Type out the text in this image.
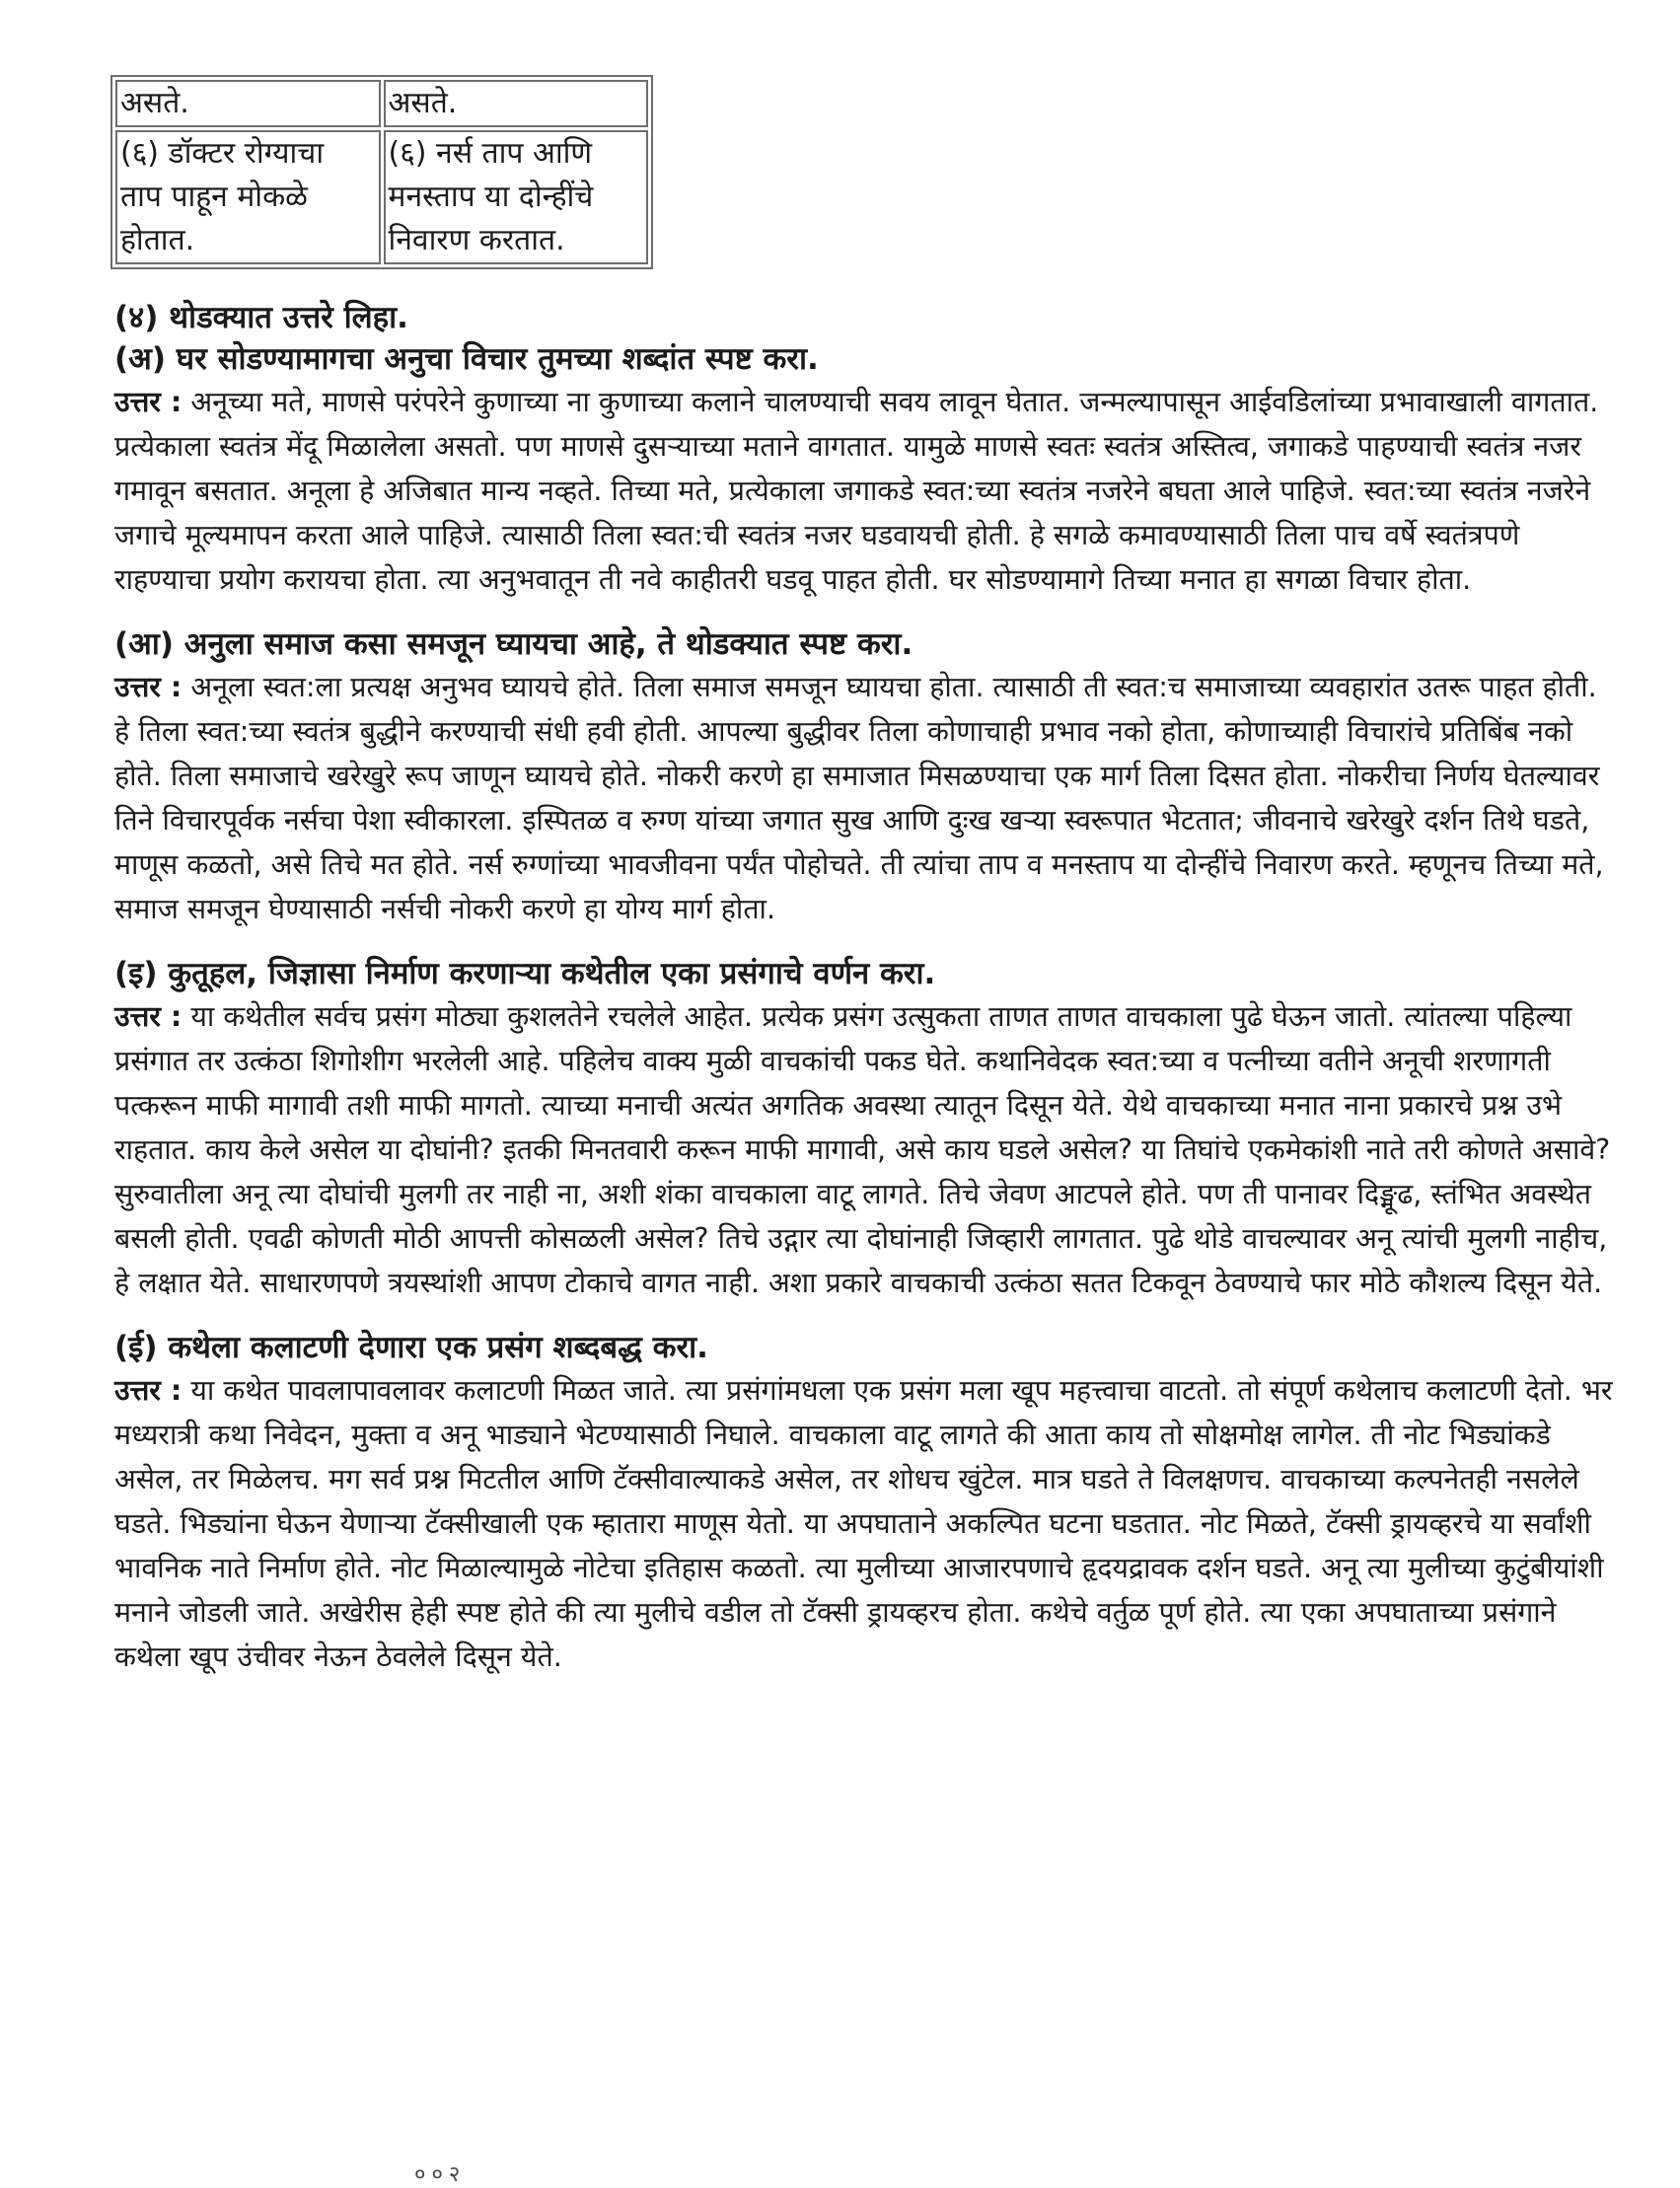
असते.	असते.
(६) डॉक्टर रोग्याचा ताप पाहून मोकळे होतात.	(६) नर्स ताप आणि मनस्ताप या दोन्हींचे निवारण करतात.
(४) थोडक्यात उत्तरे लिहा.
(अ) घर सोडण्यामागचा अनुचा विचार तुमच्या शब्दांत स्पष्ट करा.

उत्तर : अनूच्या मते, माणसे परंपरेने कुणाच्या ना कुणाच्या कलाने चालण्याची सवय लावून घेतात. जन्मल्यापासून आईवडिलांच्या प्रभावाखाली वागतात. प्रत्येकाला स्वतंत्र मेंदू मिळालेला असतो. पण माणसे दुसऱ्याच्या मताने वागतात. यामुळे माणसे स्वतः स्वतंत्र अस्तित्व, जगाकडे पाहण्याची स्वतंत्र नजर गमावून बसतात. अनूला हे अजिबात मान्य नव्हते. तिच्या मते, प्रत्येकाला जगाकडे स्वत:च्या स्वतंत्र नजरेने बघता आले पाहिजे. स्वत:च्या स्वतंत्र नजरेने जगाचे मूल्यमापन करता आले पाहिजे. त्यासाठी तिला स्वत:ची स्वतंत्र नजर घडवायची होती. हे सगळे कमावण्यासाठी तिला पाच वर्षे स्वतंत्रपणे राहण्याचा प्रयोग करायचा होता. त्या अनुभवातून ती नवे काहीतरी घडवू पाहत होती. घर सोडण्यामागे तिच्या मनात हा सगळा विचार होता.

(आ) अनुला समाज कसा समजून घ्यायचा आहे, ते थोडक्यात स्पष्ट करा.

उत्तर : अनूला स्वत:ला प्रत्यक्ष अनुभव घ्यायचे होते. तिला समाज समजून घ्यायचा होता. त्यासाठी ती स्वत:च समाजाच्या व्यवहारांत उतरू पाहत होती. हे तिला स्वत:च्या स्वतंत्र बुद्धीने करण्याची संधी हवी होती. आपल्या बुद्धीवर तिला कोणाचाही प्रभाव नको होता, कोणाच्याही विचारांचे प्रतिबिंब नको होते. तिला समाजाचे खरेखुरे रूप जाणून घ्यायचे होते. नोकरी करणे हा समाजात मिसळण्याचा एक मार्ग तिला दिसत होता. नोकरीचा निर्णय घेतल्यावर तिने विचारपूर्वक नर्सचा पेशा स्वीकारला. इस्पितळ व रुग्ण यांच्या जगात सुख आणि दुःख खऱ्या स्वरूपात भेटतात; जीवनाचे खरेखुरे दर्शन तिथे घडते, माणूस कळतो, असे तिचे मत होते. नर्स रुग्णांच्या भावजीवना पर्यंत पोहोचते. ती त्यांचा ताप व मनस्ताप या दोन्हींचे निवारण करते. म्हणूनच तिच्या मते, समाज समजून घेण्यासाठी नर्सची नोकरी करणे हा योग्य मार्ग होता.

(इ) कुतूहल, जिज्ञासा निर्माण करणाऱ्या कथेतील एका प्रसंगाचे वर्णन करा.

उत्तर : या कथेतील सर्वच प्रसंग मोठ्या कुशलतेने रचलेले आहेत. प्रत्येक प्रसंग उत्सुकता ताणत ताणत वाचकाला पुढे घेऊन जातो. त्यांतल्या पहिल्या प्रसंगात तर उत्कंठा शिगोशीग भरलेली आहे. पहिलेच वाक्य मुळी वाचकांची पकड घेते. कथानिवेदक स्वत:च्या व पत्नीच्या वतीने अनूची शरणागती पत्करून माफी मागावी तशी माफी मागतो. त्याच्या मनाची अत्यंत अगतिक अवस्था त्यातून दिसून येते. येथे वाचकाच्या मनात नाना प्रकारचे प्रश्न उभे राहतात. काय केले असेल या दोघांनी? इतकी मिनतवारी करून माफी मागावी, असे काय घडले असेल? या तिघांचे एकमेकांशी नाते तरी कोणते असावे? सुरुवातीला अनू त्या दोघांची मुलगी तर नाही ना, अशी शंका वाचकाला वाटू लागते. तिचे जेवण आटपले होते. पण ती पानावर दिङ्मूढ, स्तंभित अवस्थेत बसली होती. एवढी कोणती मोठी आपत्ती कोसळली असेल? तिचे उद्गार त्या दोघांनाही जिव्हारी लागतात. पुढे थोडे वाचल्यावर अनू त्यांची मुलगी नाहीच, हे लक्षात येते. साधारणपणे त्रयस्थांशी आपण टोकाचे वागत नाही. अशा प्रकारे वाचकाची उत्कंठा सतत टिकवून ठेवण्याचे फार मोठे कौशल्य दिसून येते.

(ई) कथेला कलाटणी देणारा एक प्रसंग शब्दबद्ध करा.

उत्तर : या कथेत पावलापावलावर कलाटणी मिळत जाते. त्या प्रसंगांमधला एक प्रसंग मला खूप महत्त्वाचा वाटतो. तो संपूर्ण कथेलाच कलाटणी देतो. भर मध्यरात्री कथा निवेदन, मुक्ता व अनू भाड्याने भेटण्यासाठी निघाले. वाचकाला वाटू लागते की आता काय तो सोक्षमोक्ष लागेल. ती नोट भिड्यांकडे असेल, तर मिळेलच. मग सर्व प्रश्न मिटतील आणि टॅक्सीवाल्याकडे असेल, तर शोधच खुंटेल. मात्र घडते ते विलक्षणच. वाचकाच्या कल्पनेतही नसलेले घडते. भिड्यांना घेऊन येणाऱ्या टॅक्सीखाली एक म्हातारा माणूस येतो. या अपघाताने अकल्पित घटना घडतात. नोट मिळते, टॅक्सी ड्रायव्हरचे या सर्वांशी भावनिक नाते निर्माण होते. नोट मिळाल्यामुळे नोटेचा इतिहास कळतो. त्या मुलीच्या आजारपणाचे हृदयद्रावक दर्शन घडते. अनू त्या मुलीच्या कुटुंबीयांशी मनाने जोडली जाते. अखेरीस हेही स्पष्ट होते की त्या मुलीचे वडील तो टॅक्सी ड्रायव्हरच होता. कथेचे वर्तुळ पूर्ण होते. त्या एका अपघाताच्या प्रसंगाने कथेला खूप उंचीवर नेऊन ठेवलेले दिसून येते.

००२
